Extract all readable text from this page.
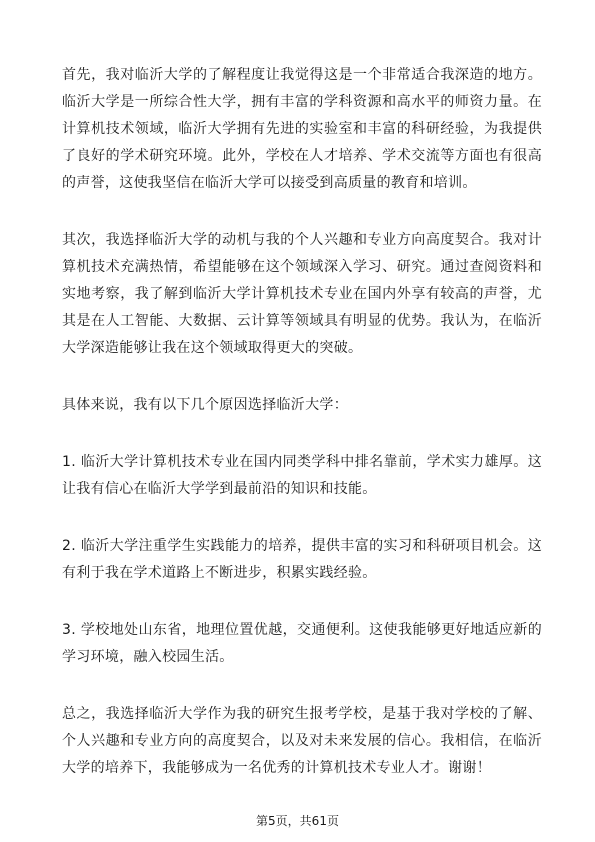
首先，我对临沂大学的了解程度让我觉得这是一个非常适合我深造的地方。临沂大学是一所综合性大学，拥有丰富的学科资源和高水平的师资力量。在计算机技术领域，临沂大学拥有先进的实验室和丰富的科研经验，为我提供了良好的学术研究环境。此外，学校在人才培养、学术交流等方面也有很高的声誉，这使我坚信在临沂大学可以接受到高质量的教育和培训。

其次，我选择临沂大学的动机与我的个人兴趣和专业方向高度契合。我对计算机技术充满热情，希望能够在这个领域深入学习、研究。通过查阅资料和实地考察，我了解到临沂大学计算机技术专业在国内外享有较高的声誉，尤其是在人工智能、大数据、云计算等领域具有明显的优势。我认为，在临沂大学深造能够让我在这个领域取得更大的突破。

具体来说，我有以下几个原因选择临沂大学：

1. 临沂大学计算机技术专业在国内同类学科中排名靠前，学术实力雄厚。这让我有信心在临沂大学学到最前沿的知识和技能。

2. 临沂大学注重学生实践能力的培养，提供丰富的实习和科研项目机会。这有利于我在学术道路上不断进步，积累实践经验。

3. 学校地处山东省，地理位置优越，交通便利。这使我能够更好地适应新的学习环境，融入校园生活。

总之，我选择临沂大学作为我的研究生报考学校，是基于我对学校的了解、个人兴趣和专业方向的高度契合，以及对未来发展的信心。我相信，在临沂大学的培养下，我能够成为一名优秀的计算机技术专业人才。谢谢！

第5页，共61页
